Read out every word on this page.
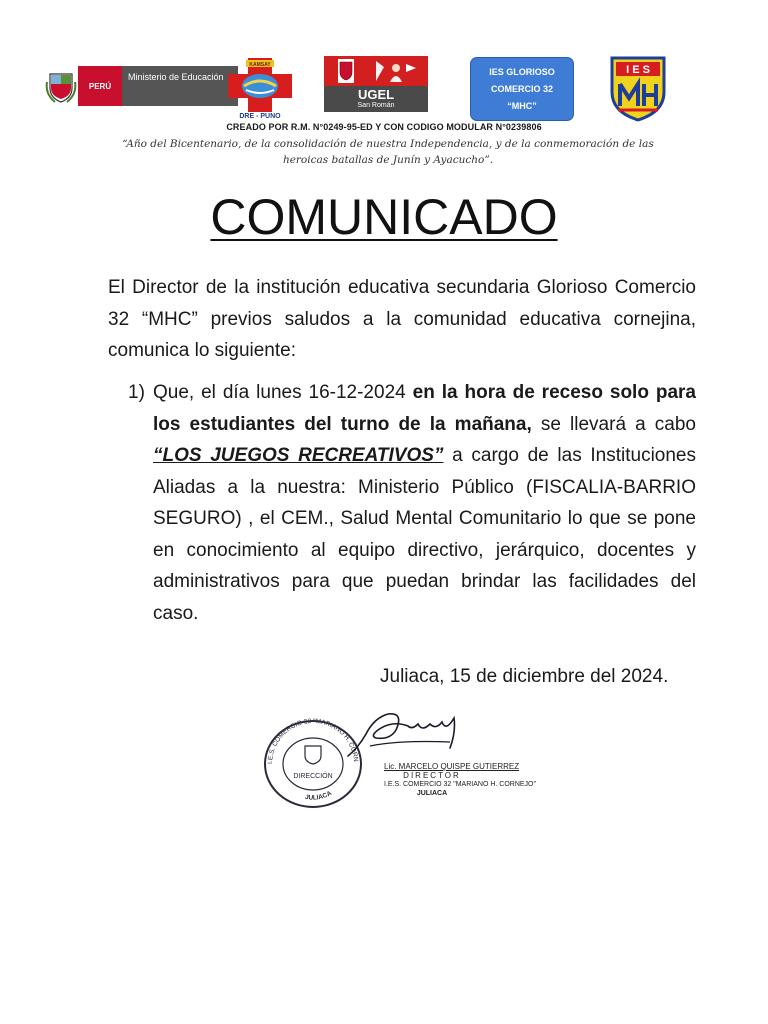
PERÚ
Ministerio de Educación
KAMSAY
DRE - PUNO
UGEL
San Román
IES GLORIOSO
COMERCIO 32
“MHC”
I E S
CREADO POR R.M. N°0249-95-ED Y CON CODIGO MODULAR N°0239806
“Año del Bicentenario, de la consolidación de nuestra Independencia, y de la conmemoración de las heroicas batallas de Junín y Ayacucho”.
COMUNICADO
El Director de la institución educativa secundaria Glorioso Comercio 32 “MHC” previos saludos a la comunidad educativa cornejina, comunica lo siguiente:
1) Que, el día lunes 16-12-2024 en la hora de receso solo para los estudiantes del turno de la mañana, se llevará a cabo “LOS JUEGOS RECREATIVOS” a cargo de las Instituciones Aliadas a la nuestra: Ministerio Público (FISCALIA-BARRIO SEGURO) , el CEM., Salud Mental Comunitario lo que se pone en conocimiento al equipo directivo, jerárquico, docentes y administrativos para que puedan brindar las facilidades del caso.
Juliaca, 15 de diciembre del 2024.
I.E.S. COMERCIO 32 "MARIANO H. CORN
JULIACA
DIRECCIÓN
Lic. MARCELO QUISPE GUTIERREZ
DIRECTOR
I.E.S. COMERCIO 32 "MARIANO H. CORNEJO"
JULIACA
